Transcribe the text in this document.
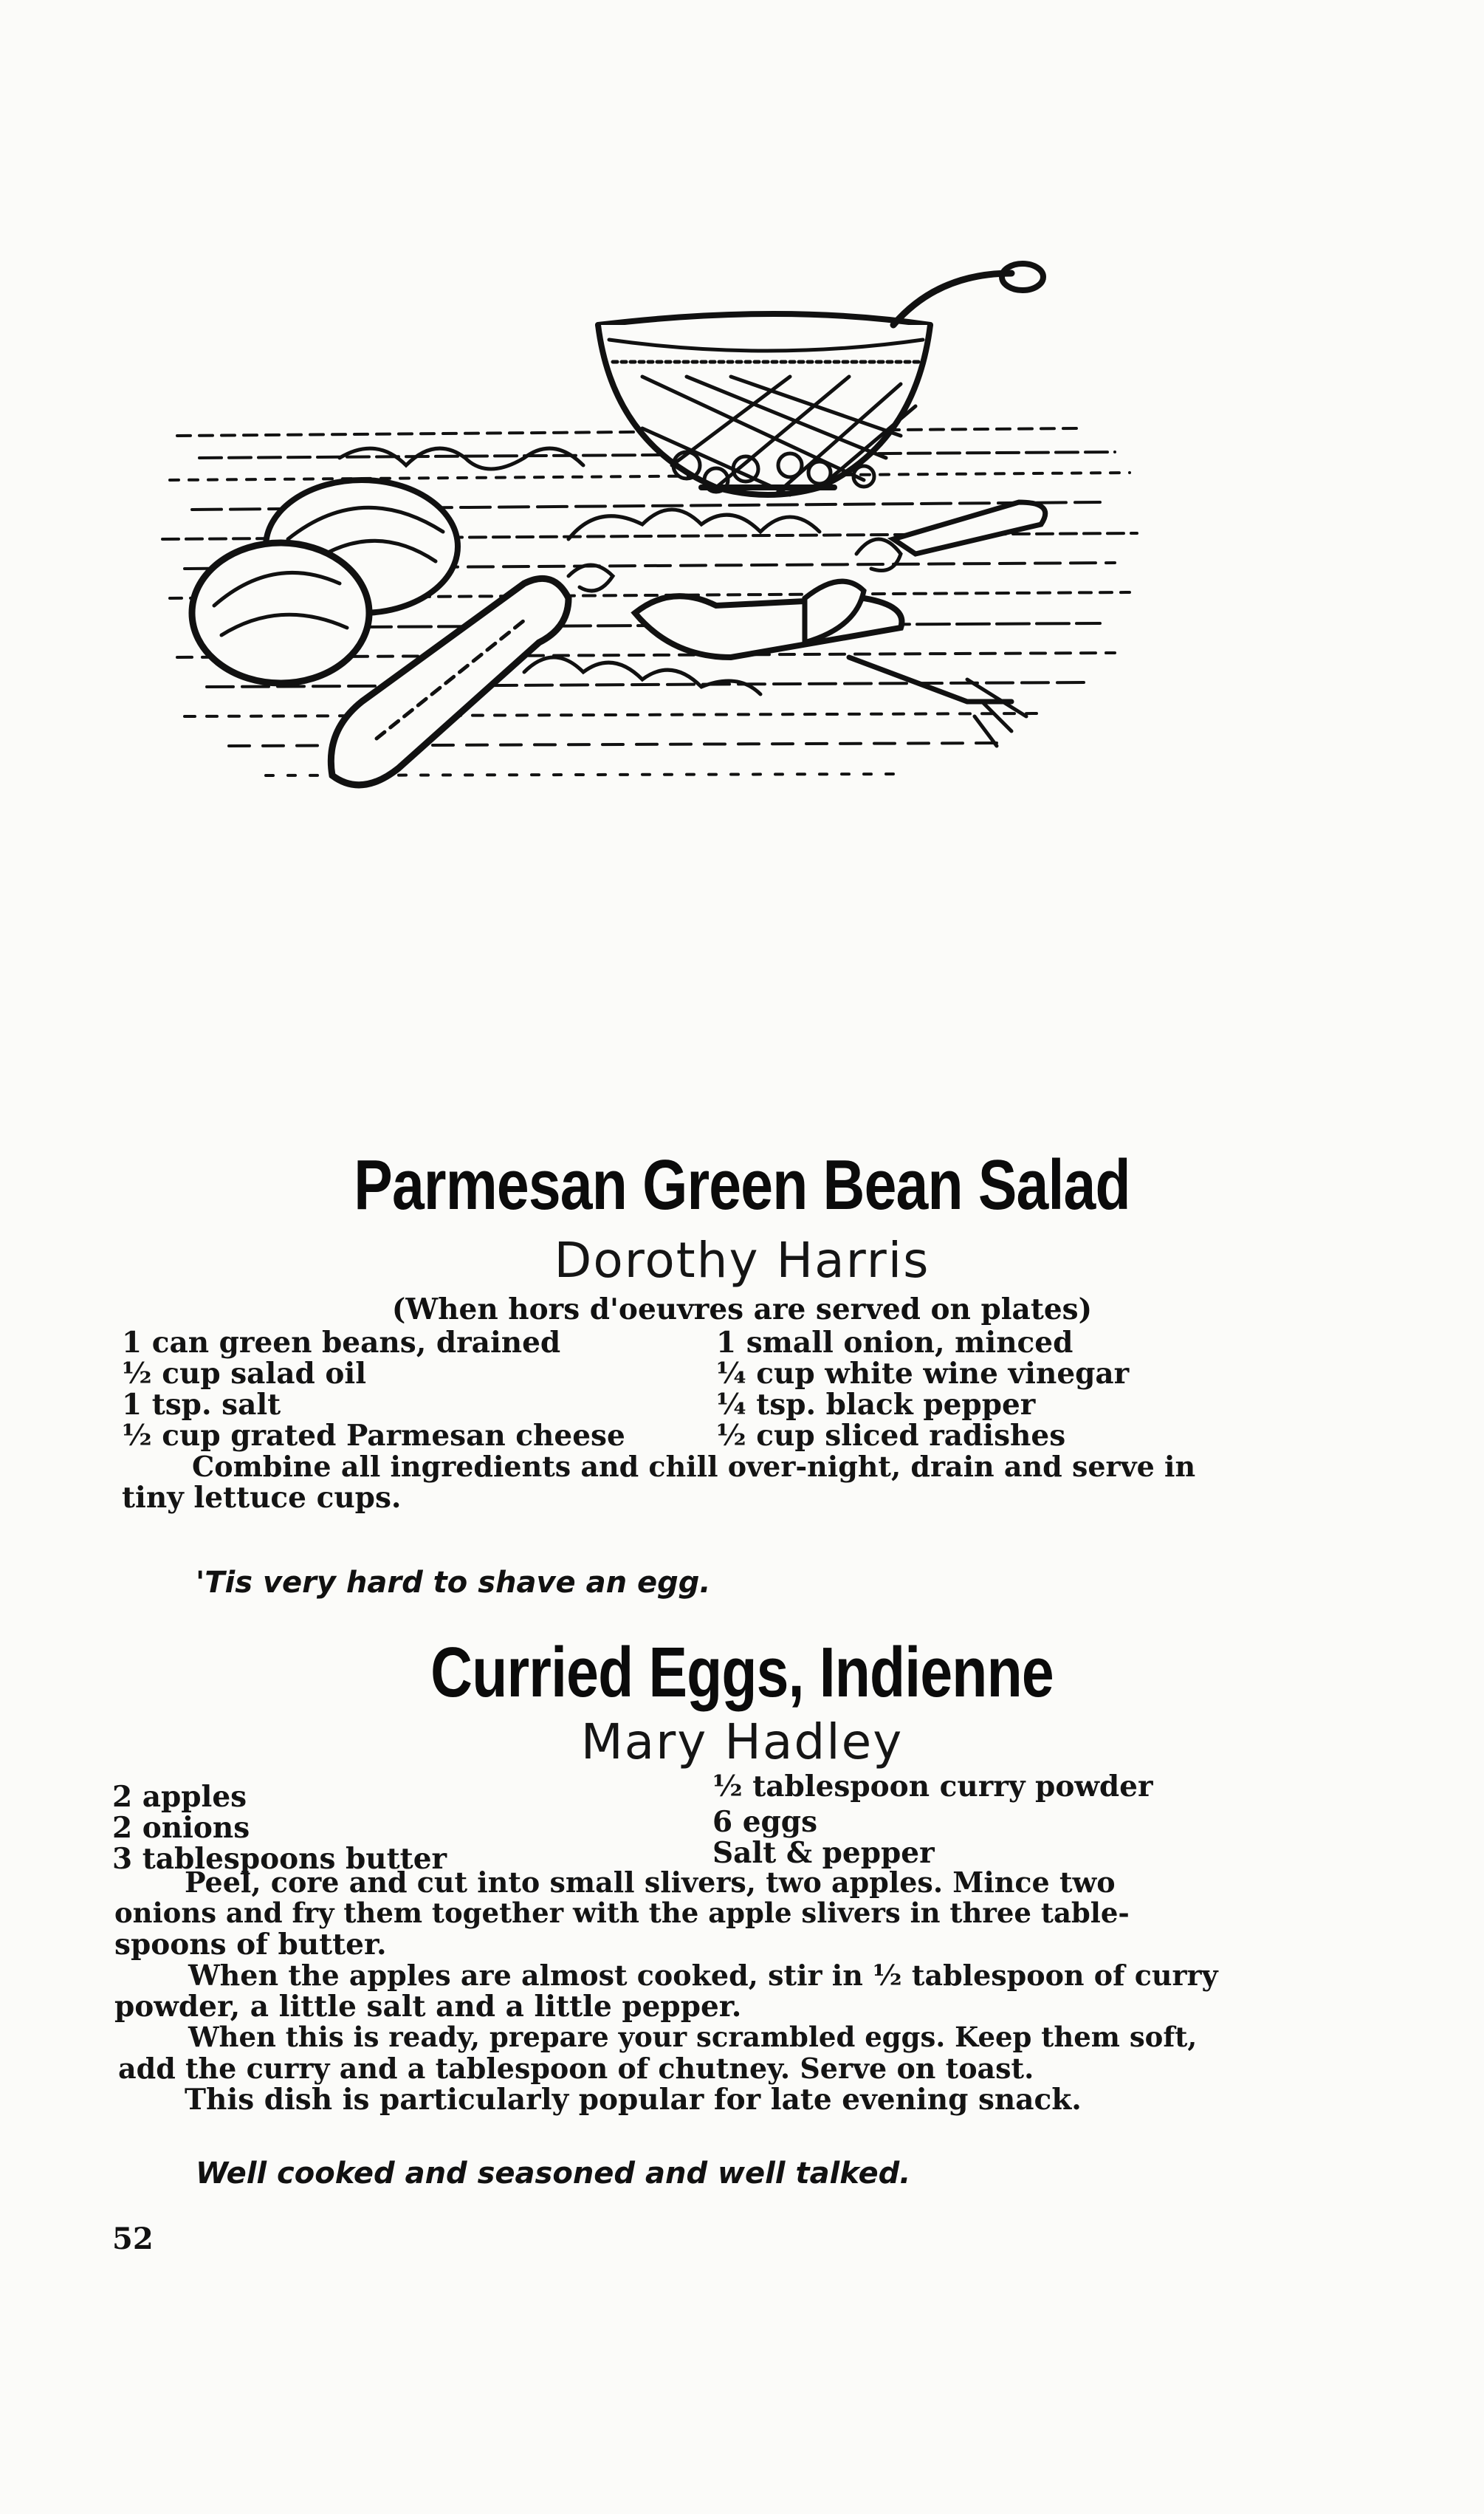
Parmesan Green Bean Salad
Dorothy Harris
(When hors d'oeuvres are served on plates)
1 can green beans, drained
½ cup salad oil
1 tsp. salt
½ cup grated Parmesan cheese
1 small onion, minced
¼ cup white wine vinegar
¼ tsp. black pepper
½ cup sliced radishes
Combine all ingredients and chill over-night, drain and serve in
tiny lettuce cups.
'Tis very hard to shave an egg.
Curried Eggs, Indienne
Mary Hadley
2 apples
2 onions
3 tablespoons butter
½ tablespoon curry powder
6 eggs
Salt & pepper
Peel, core and cut into small slivers, two apples. Mince two
onions and fry them together with the apple slivers in three table-
spoons of butter.
When the apples are almost cooked, stir in ½ tablespoon of curry
powder, a little salt and a little pepper.
When this is ready, prepare your scrambled eggs. Keep them soft,
add the curry and a tablespoon of chutney. Serve on toast.
This dish is particularly popular for late evening snack.
Well cooked and seasoned and well talked.
52
